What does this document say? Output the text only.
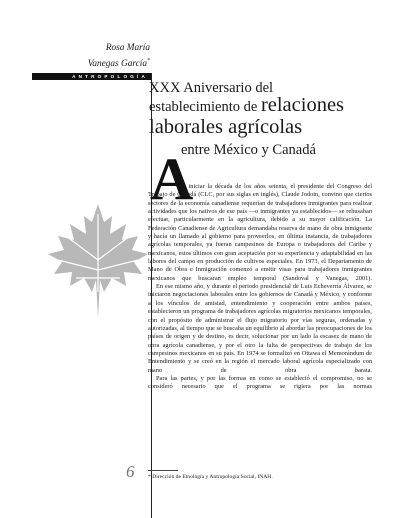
Rosa María
Vanegas García*
ANTROPOLOGÍA
XXX Aniversario del
establecimiento de relaciones
laborales agrícolas
entre México y Canadá
A

l iniciar la década de los años setenta, el presidente del Congreso del Trabajo de Canadá (CLC, por sus siglas en inglés), Claude Jodoin, convino que ciertos sectores de la economía canadiense requerían de trabajadores inmigrantes para realizar actividades que los nativos de ese país —o inmigrantes ya establecidos— se rehusaban efectuar, particularmente en la agricultura, debido a su mayor calificación. La Federación Canadiense de Agricultura demandaba reserva de mano de obra inmigrante y hacía un llamado al gobierno para proveerlos, en última instancia, de trabajadores agrícolas temporales, ya fueran campesinos de Europa o trabajadores del Caribe y mexicanos, estos últimos con gran aceptación por su experiencia y adaptabilidad en las labores del campo en producción de cultivos especiales. En 1973, el Departamento de Mano de Obra e Inmigración comenzó a emitir visas para trabajadores inmigrantes mexicanos que buscaran empleo temporal (Sandoval y Vanegas, 2001).

En ese mismo año, y durante el periodo presidencial de Luis Echeverría Álvarez, se iniciaron negociaciones laborales entre los gobiernos de Canadá y México, y conforme a los vínculos de amistad, entendimiento y cooperación entre ambos países, establecieron un programa de trabajadores agrícolas migratorios mexicanos temporales, con el propósito de administrar el flujo migratorio por vías seguras, ordenadas y autorizadas, al tiempo que se buscaba un equilibrio al abordar las preocupaciones de los países de origen y de destino, es decir, solucionar por un lado la escasez de mano de obra agrícola canadiense, y por el otro la falta de perspectivas de trabajo de los campesinos mexicanos en su país. En 1974 se formalizó en Ottawa el Memorándum de Entendimiento y se creó en la región el mercado laboral agrícola especializado con mano de obra barata.

Para las partes, y por las formas en como se estableció el compromiso, no se consideró necesario que el programa se rigiera por las normas

* Dirección de Etnología y Antropología Social, INAH.
6
